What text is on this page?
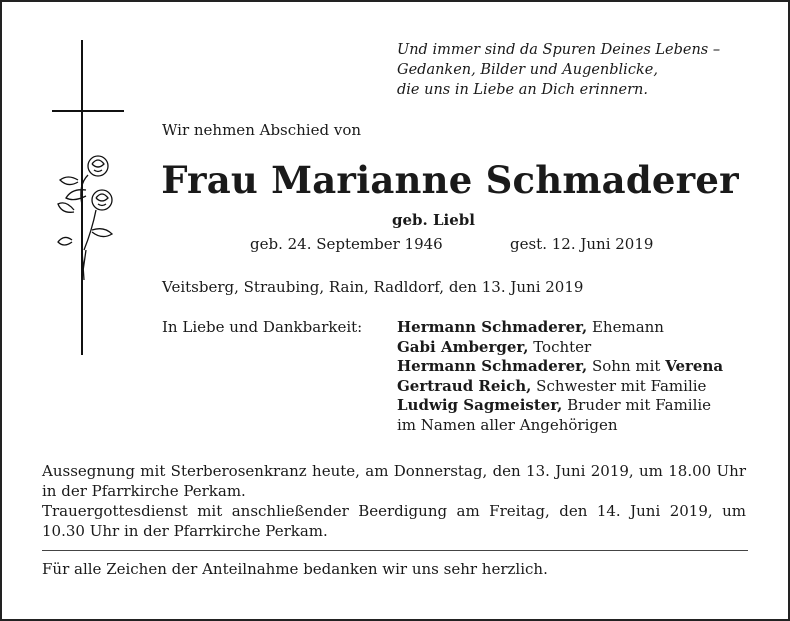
Und immer sind da Spuren Deines Lebens –
Gedanken, Bilder und Augenblicke,
die uns in Liebe an Dich erinnern.
Wir nehmen Abschied von
Frau Marianne Schmaderer
geb. Liebl
geb. 24. September 1946	gest. 12. Juni 2019
Veitsberg, Straubing, Rain, Radldorf, den 13. Juni 2019
In Liebe und Dankbarkeit: Hermann Schmaderer, Ehemann
Gabi Amberger, Tochter
Hermann Schmaderer, Sohn mit Verena
Gertraud Reich, Schwester mit Familie
Ludwig Sagmeister, Bruder mit Familie
im Namen aller Angehörigen
Aussegnung mit Sterberosenkranz heute, am Donnerstag, den 13. Juni 2019, um 18.00 Uhr in der Pfarrkirche Perkam.
Trauergottesdienst mit anschließender Beerdigung am Freitag, den 14. Juni 2019, um 10.30 Uhr in der Pfarrkirche Perkam.
Für alle Zeichen der Anteilnahme bedanken wir uns sehr herzlich.
